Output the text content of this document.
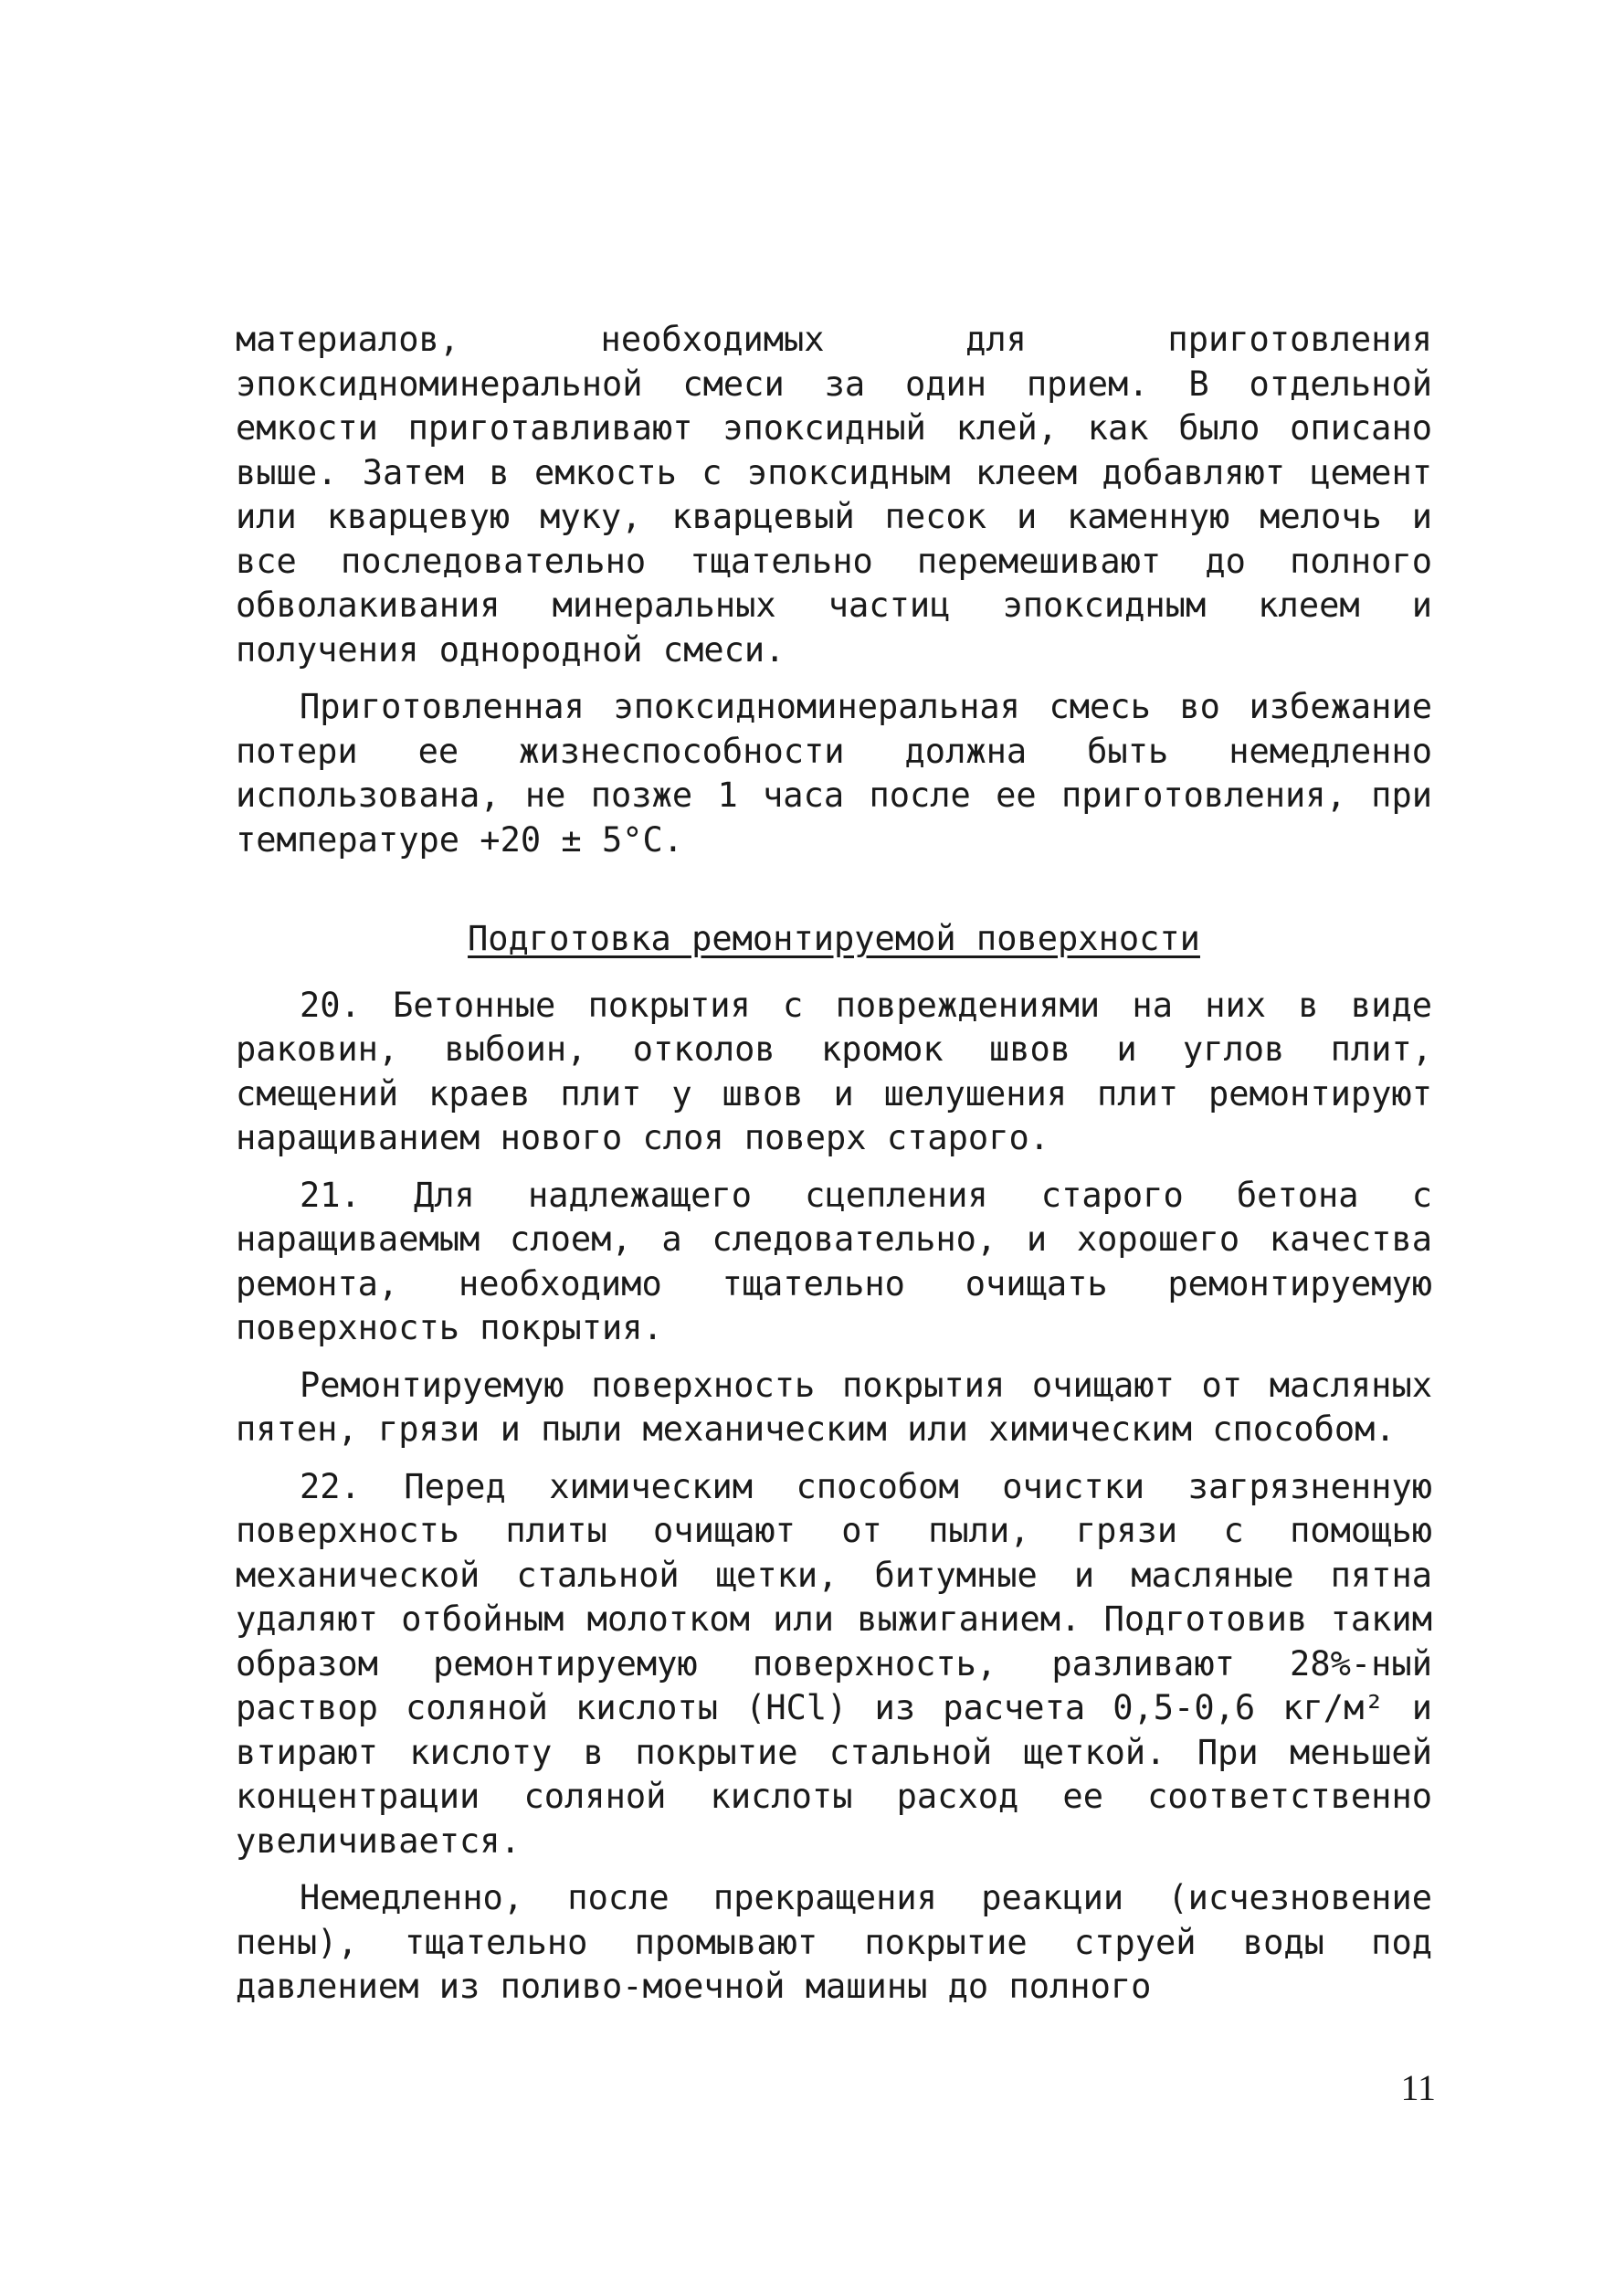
материалов, необходимых для приготовления эпоксидноминеральной смеси за один прием. В отдельной емкости приготавливают эпоксидный клей, как было описано выше. Затем в емкость с эпоксидным клеем добавляют цемент или кварцевую муку, кварцевый песок и каменную мелочь и все последовательно тщательно перемешивают до полного обволакивания минеральных частиц эпоксидным клеем и получения однородной смеси.

Приготовленная эпоксидноминеральная смесь во избежание потери ее жизнеспособности должна быть немедленно использована, не позже 1 часа после ее приготовления, при температуре +20 ± 5°C.

Подготовка ремонтируемой поверхности

20. Бетонные покрытия с повреждениями на них в виде раковин, выбоин, отколов кромок швов и углов плит, смещений краев плит у швов и шелушения плит ремонтируют наращиванием нового слоя поверх старого.

21. Для надлежащего сцепления старого бетона с наращиваемым слоем, а следовательно, и хорошего качества ремонта, необходимо тщательно очищать ремонтируемую поверхность покрытия.

Ремонтируемую поверхность покрытия очищают от масляных пятен, грязи и пыли механическим или химическим способом.

22. Перед химическим способом очистки загрязненную поверхность плиты очищают от пыли, грязи с помощью механической стальной щетки, битумные и масляные пятна удаляют отбойным молотком или выжиганием. Подготовив таким образом ремонтируемую поверхность, разливают 28%-ный раствор соляной кислоты (HCl) из расчета 0,5-0,6 кг/м² и втирают кислоту в покрытие стальной щеткой. При меньшей концентрации соляной кислоты расход ее соответственно увеличивается.

Немедленно, после прекращения реакции (исчезновение пены), тщательно промывают покрытие струей воды под давлением из поливо-моечной машины до полного

11
